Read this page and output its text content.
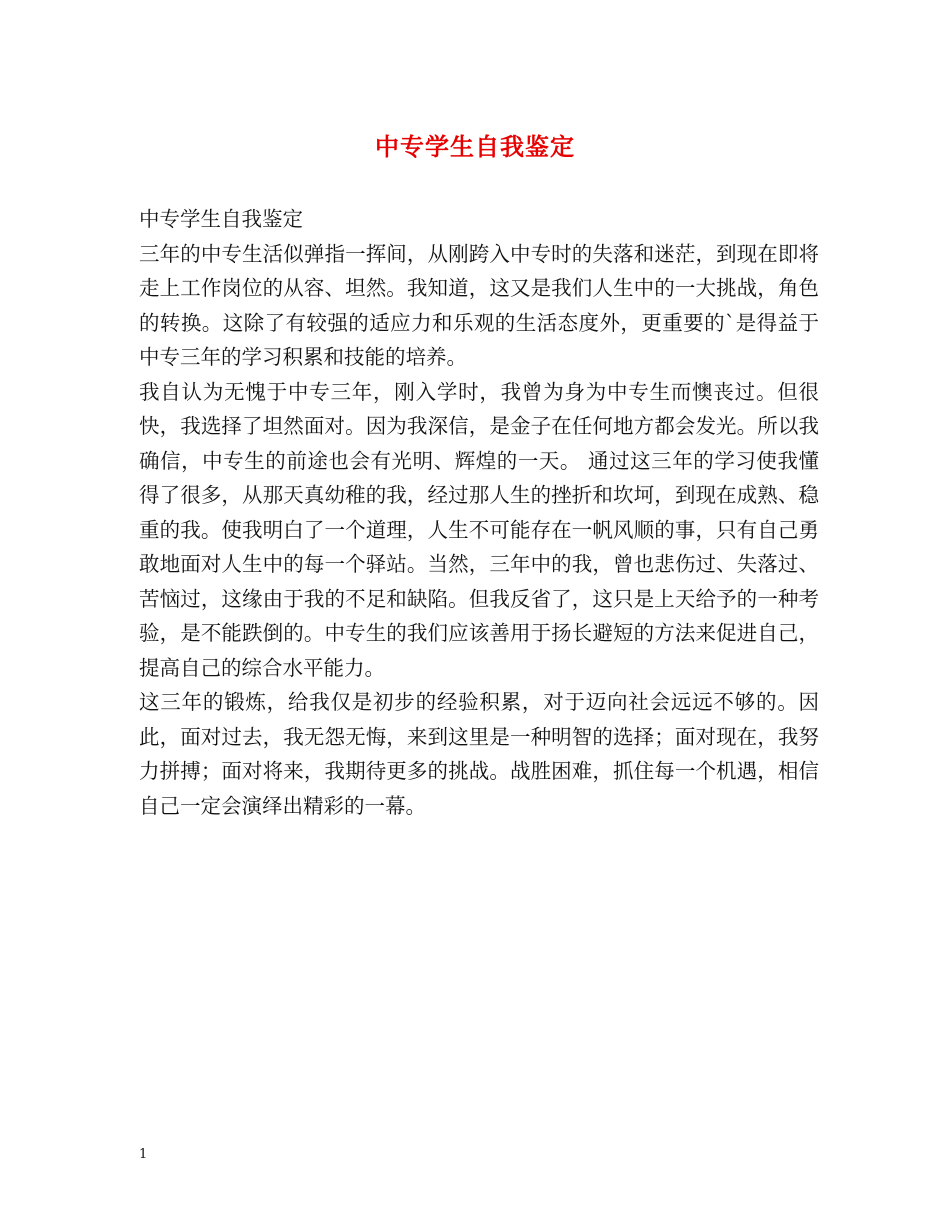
中专学生自我鉴定

中专学生自我鉴定

三年的中专生活似弹指一挥间，从刚跨入中专时的失落和迷茫，到现在即将走上工作岗位的从容、坦然。我知道，这又是我们人生中的一大挑战，角色的转换。这除了有较强的适应力和乐观的生活态度外，更重要的`是得益于中专三年的学习积累和技能的培养。

我自认为无愧于中专三年，刚入学时，我曾为身为中专生而懊丧过。但很快，我选择了坦然面对。因为我深信，是金子在任何地方都会发光。所以我确信，中专生的前途也会有光明、辉煌的一天。 通过这三年的学习使我懂得了很多，从那天真幼稚的我，经过那人生的挫折和坎坷，到现在成熟、稳重的我。使我明白了一个道理，人生不可能存在一帆风顺的事，只有自己勇敢地面对人生中的每一个驿站。当然，三年中的我，曾也悲伤过、失落过、苦恼过，这缘由于我的不足和缺陷。但我反省了，这只是上天给予的一种考验，是不能跌倒的。中专生的我们应该善用于扬长避短的方法来促进自己，提高自己的综合水平能力。

这三年的锻炼，给我仅是初步的经验积累，对于迈向社会远远不够的。因此，面对过去，我无怨无悔，来到这里是一种明智的选择；面对现在，我努力拼搏；面对将来，我期待更多的挑战。战胜困难，抓住每一个机遇，相信自己一定会演绎出精彩的一幕。

1
